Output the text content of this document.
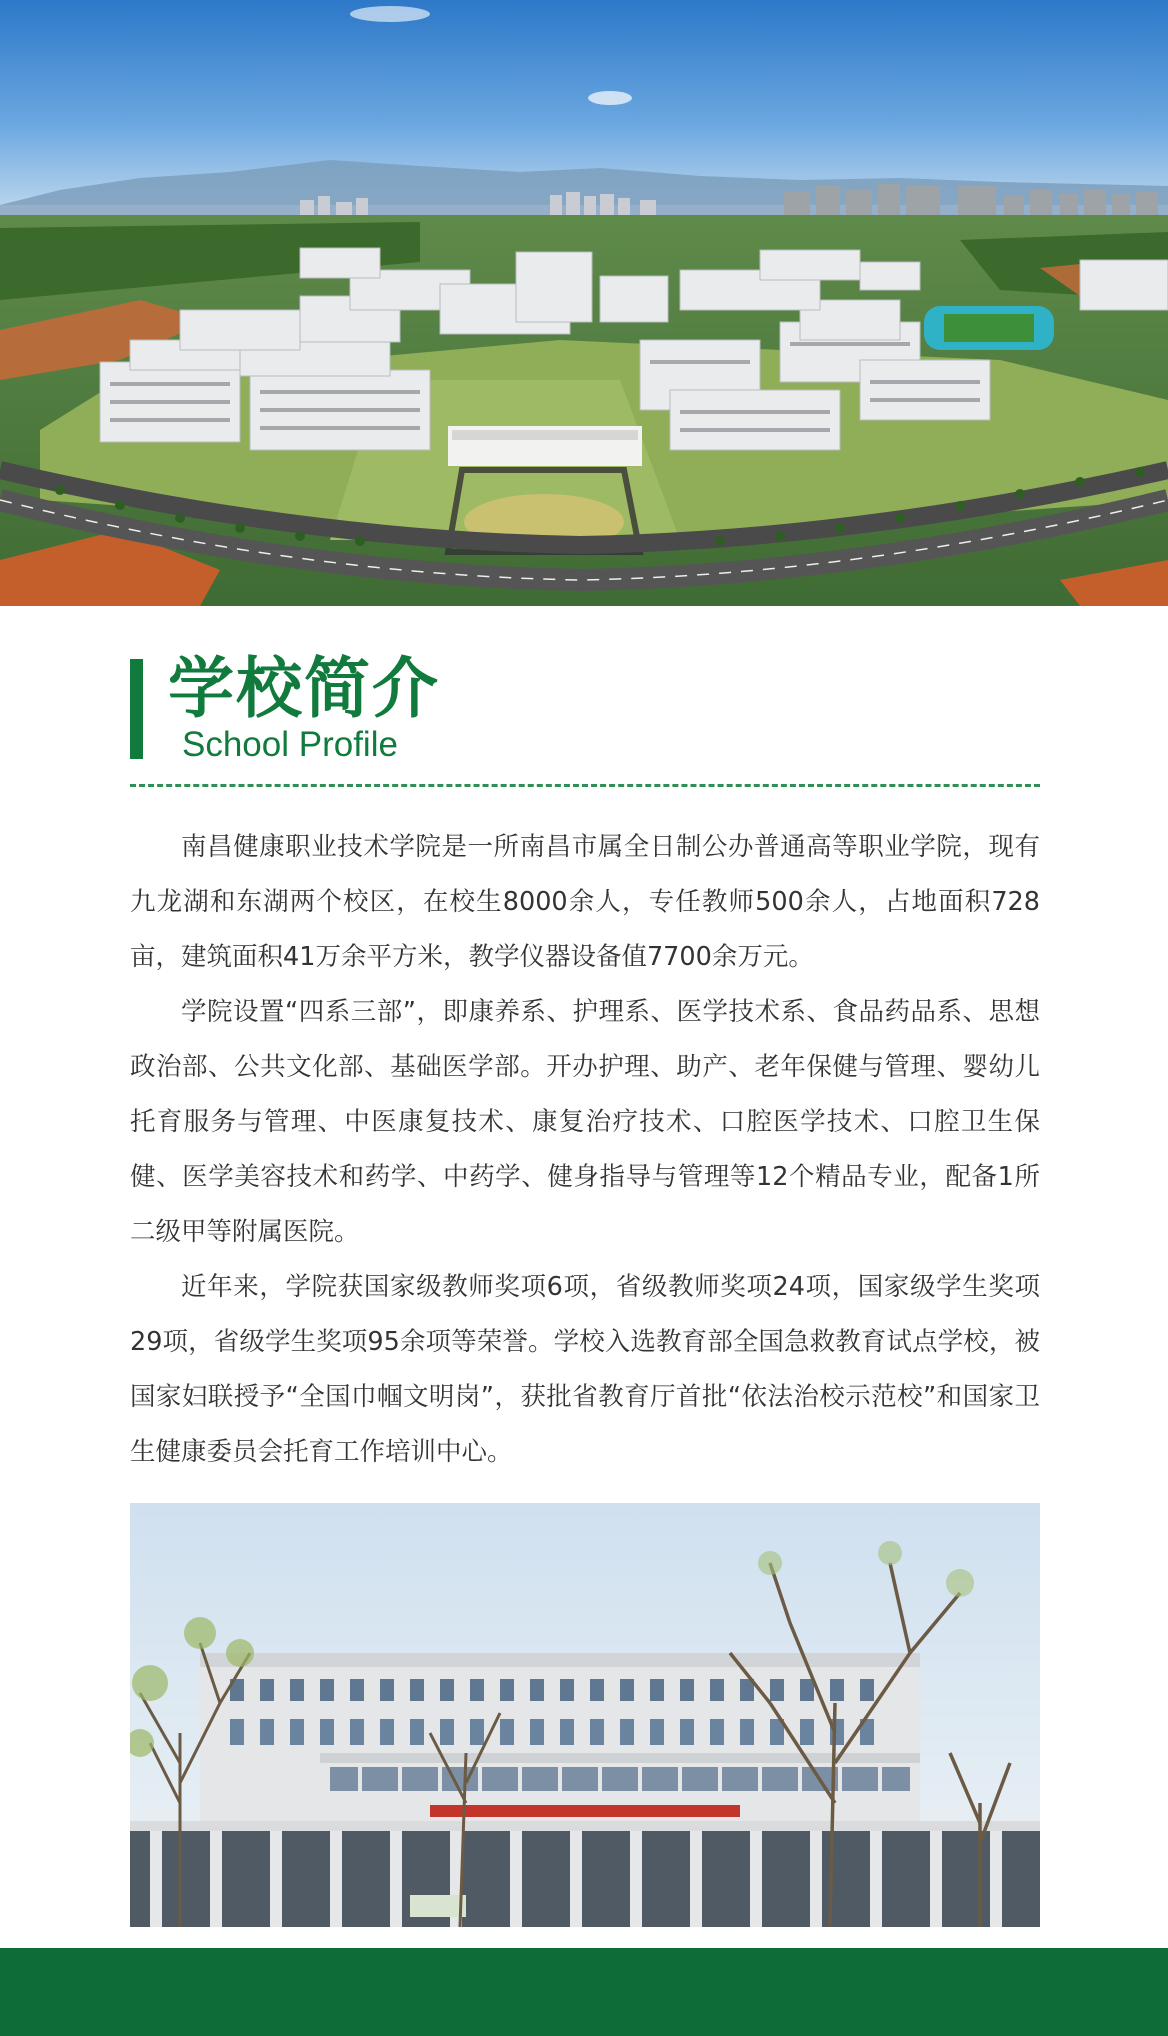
学校简介
School Profile

南昌健康职业技术学院是一所南昌市属全日制公办普通高等职业学院，现有九龙湖和东湖两个校区，在校生8000余人，专任教师500余人，占地面积728亩，建筑面积41万余平方米，教学仪器设备值7700余万元。

学院设置“四系三部”，即康养系、护理系、医学技术系、食品药品系、思想政治部、公共文化部、基础医学部。开办护理、助产、老年保健与管理、婴幼儿托育服务与管理、中医康复技术、康复治疗技术、口腔医学技术、口腔卫生保健、医学美容技术和药学、中药学、健身指导与管理等12个精品专业，配备1所二级甲等附属医院。

近年来，学院获国家级教师奖项6项，省级教师奖项24项，国家级学生奖项29项，省级学生奖项95余项等荣誉。学校入选教育部全国急救教育试点学校，被国家妇联授予“全国巾帼文明岗”，获批省教育厅首批“依法治校示范校”和国家卫生健康委员会托育工作培训中心。
